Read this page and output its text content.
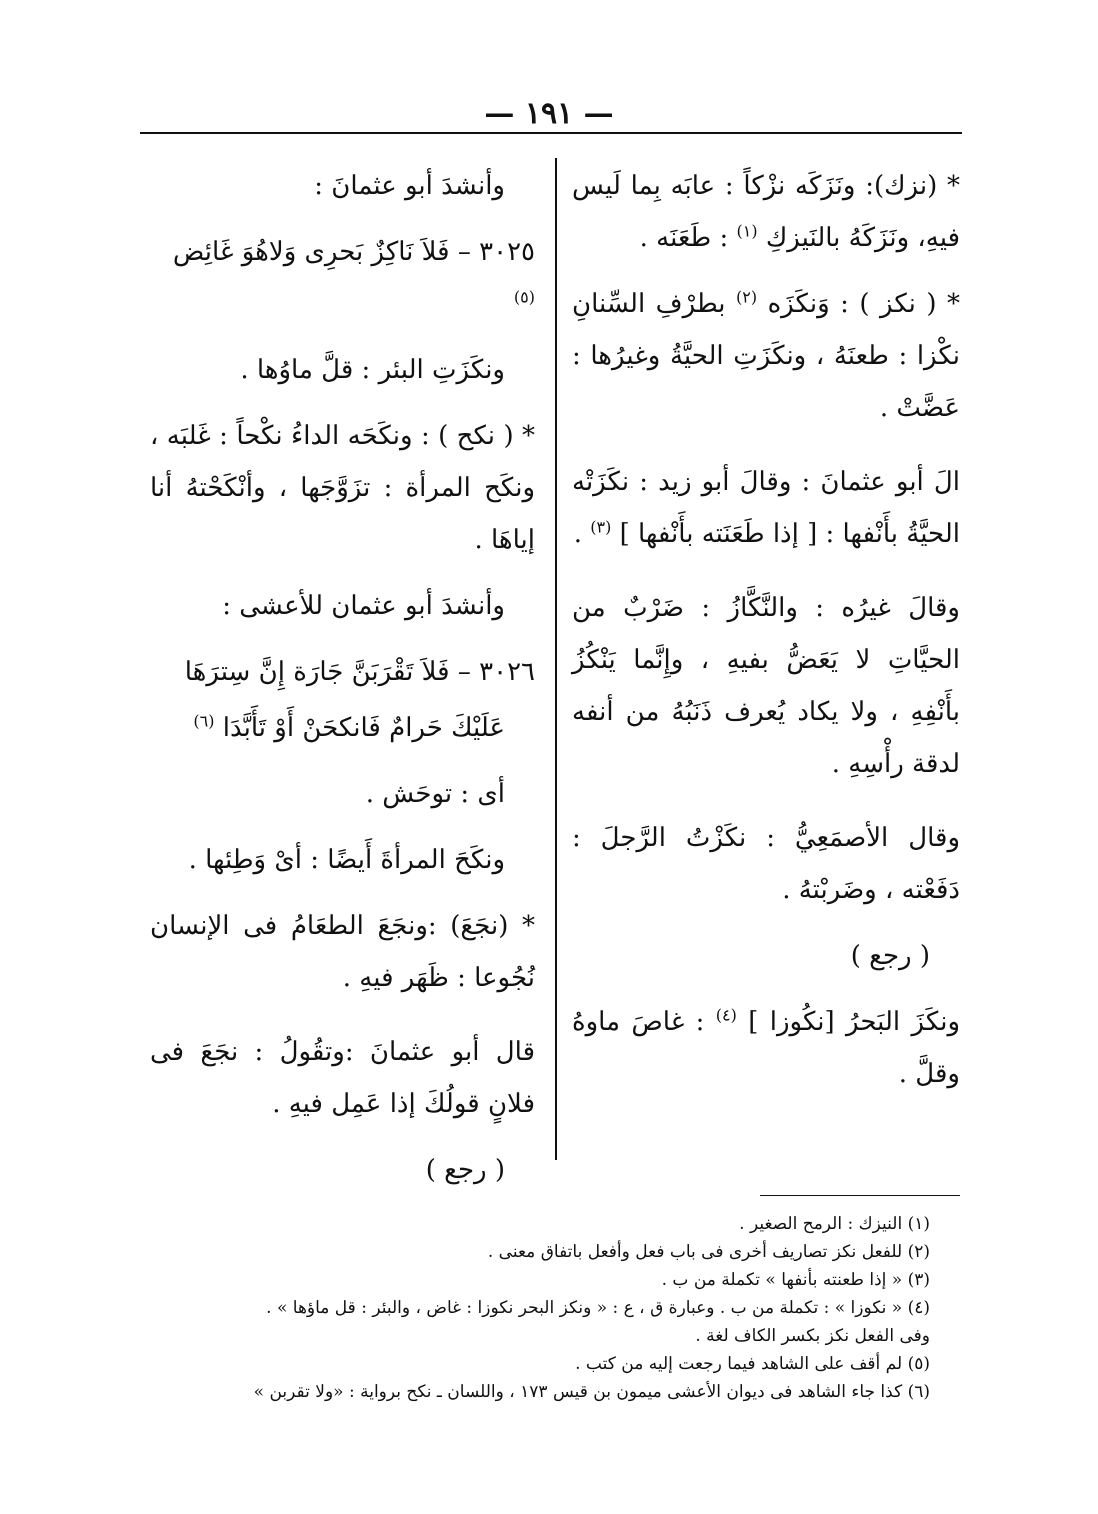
— ١٩١ —

* (نزك): ونَزَكَه نزْكاً : عابَه بِما لَيس فيهِ، ونَزَكَهُ بالنَيزكِ $^{(١)}$ : طَعَنَه .

* ( نكز ) : وَنكَزَه $^{(٢)}$ بطرْفِ السِّنانِ نكْزا : طعنَهُ ، ونكَزَتِ الحيَّةُ وغيرُها : عَضَّتْ .

الَ أبو عثمانَ : وقالَ أبو زيد : نكَزَتْه الحيَّةُ بأَنْفها : [ إذا طَعَنَته بأَنْفها ] $^{(٣)}$ .

وقالَ غيرُه : والنَّكَّازُ : ضَرْبٌ من الحيَّاتِ لا يَعَضُّ بفيهِ ، وإِنَّما يَنْكُزُ بأَنْفِهِ ، ولا يكاد يُعرف ذَنَبُهُ من أنفه لدقة رأْسِهِ .

وقال الأصمَعِيُّ : نكَزْتُ الرَّجلَ : دَفَعْته ، وضَربْتهُ .

( رجع )

ونكَزَ البَحرُ [نكُوزا ] $^{(٤)}$ : غاصَ ماوهُ وقلَّ .

وأنشدَ أبو عثمانَ :

٣٠٢٥ – فَلاَ نَاكِزٌ بَحرِى وَلاهُوَ غَائِض $^{(٥)}$

ونكَزَتِ البئر : قلَّ ماوُها .

* ( نكح ) : ونكَحَه الداءُ نكْحاً : غَلبَه ، ونكَح المرأة : تزَوَّجَها ، وأنْكَحْتهُ أنا إياهَا .

وأنشدَ أبو عثمان للأعشى :

٣٠٢٦ – فَلاَ تَقْرَبَنَّ جَارَة إِنَّ سِترَهَا

عَلَيْكَ حَرامٌ فَانكحَنْ أَوْ تَأَبَّدَا $^{(٦)}$

أى : توحَش .

ونكَحَ المرأةَ أَيضًا : أىْ وَطِئها .

* (نجَعَ) :ونجَعَ الطعَامُ فى الإنسان نُجُوعا : ظَهَر فيهِ .

قال أبو عثمانَ :وتقُولُ : نجَعَ فى فلانٍ قولُكَ إذا عَمِل فيهِ .

( رجع )

(١) النيزك : الرمح الصغير .
(٢) للفعل نكز تصاريف أخرى فى باب فعل وأفعل باتفاق معنى .
(٣) « إذا طعنته بأنفها » تكملة من ب .
(٤) « نكوزا » : تكملة من ب . وعبارة ق ، ع : « ونكز البحر نكوزا : غاض ، والبئر : قل ماؤها » .
وفى الفعل نكز بكسر الكاف لغة .
(٥) لم أقف على الشاهد فيما رجعت إليه من كتب .
(٦) كذا جاء الشاهد فى ديوان الأعشى ميمون بن قيس ١٧٣ ، واللسان ـ نكح برواية : «ولا تقربن »
